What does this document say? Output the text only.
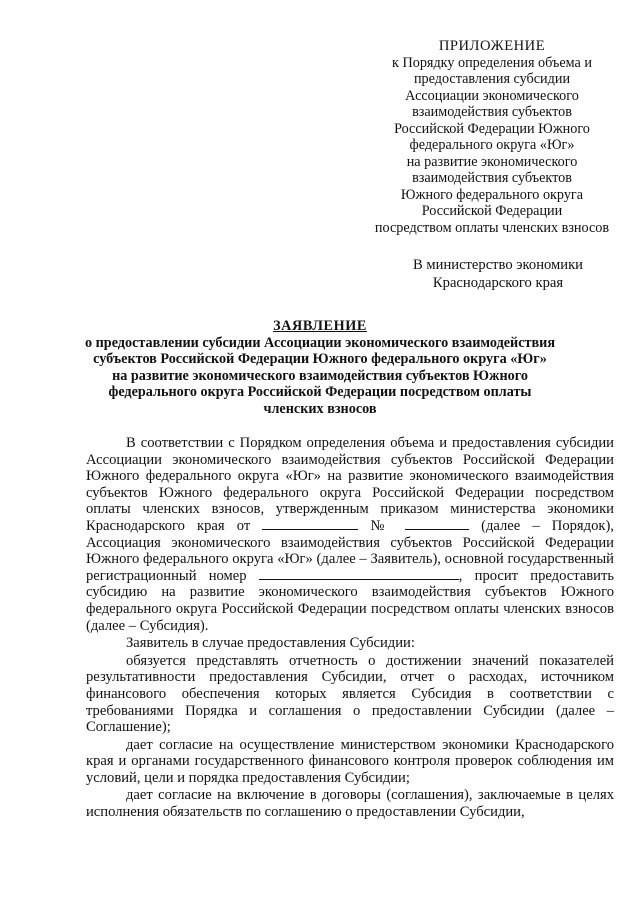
ПРИЛОЖЕНИЕ
к Порядку определения объема и
предоставления субсидии
Ассоциации экономического
взаимодействия субъектов
Российской Федерации Южного
федерального округа «Юг»
на развитие экономического
взаимодействия субъектов
Южного федерального округа
Российской Федерации
посредством оплаты членских взносов
В министерство экономики
Краснодарского края
ЗАЯВЛЕНИЕ
о предоставлении субсидии Ассоциации экономического взаимодействия
субъектов Российской Федерации Южного федерального округа «Юг»
на развитие экономического взаимодействия субъектов Южного
федерального округа Российской Федерации посредством оплаты
членских взносов

В соответствии с Порядком определения объема и предоставления субсидии Ассоциации экономического взаимодействия субъектов Российской Федерации Южного федерального округа «Юг» на развитие экономического взаимодействия субъектов Южного федерального округа Российской Федерации посредством оплаты членских взносов, утвержденным приказом министерства экономики Краснодарского края от	№	(далее – Порядок), Ассоциация экономического взаимодействия субъектов Российской Федерации Южного федерального округа «Юг» (далее – Заявитель), основной государственный регистрационный номер	, просит предоставить субсидию на развитие экономического взаимодействия субъектов Южного федерального округа Российской Федерации посредством оплаты членских взносов (далее – Субсидия).

Заявитель в случае предоставления Субсидии:

обязуется представлять отчетность о достижении значений показателей результативности предоставления Субсидии, отчет о расходах, источником финансового обеспечения которых является Субсидия в соответствии с требованиями Порядка и соглашения о предоставлении Субсидии (далее – Соглашение);

дает согласие на осуществление министерством экономики Краснодарского края и органами государственного финансового контроля проверок соблюдения им условий, цели и порядка предоставления Субсидии;

дает согласие на включение в договоры (соглашения), заключаемые в целях исполнения обязательств по соглашению о предоставлении Субсидии,
